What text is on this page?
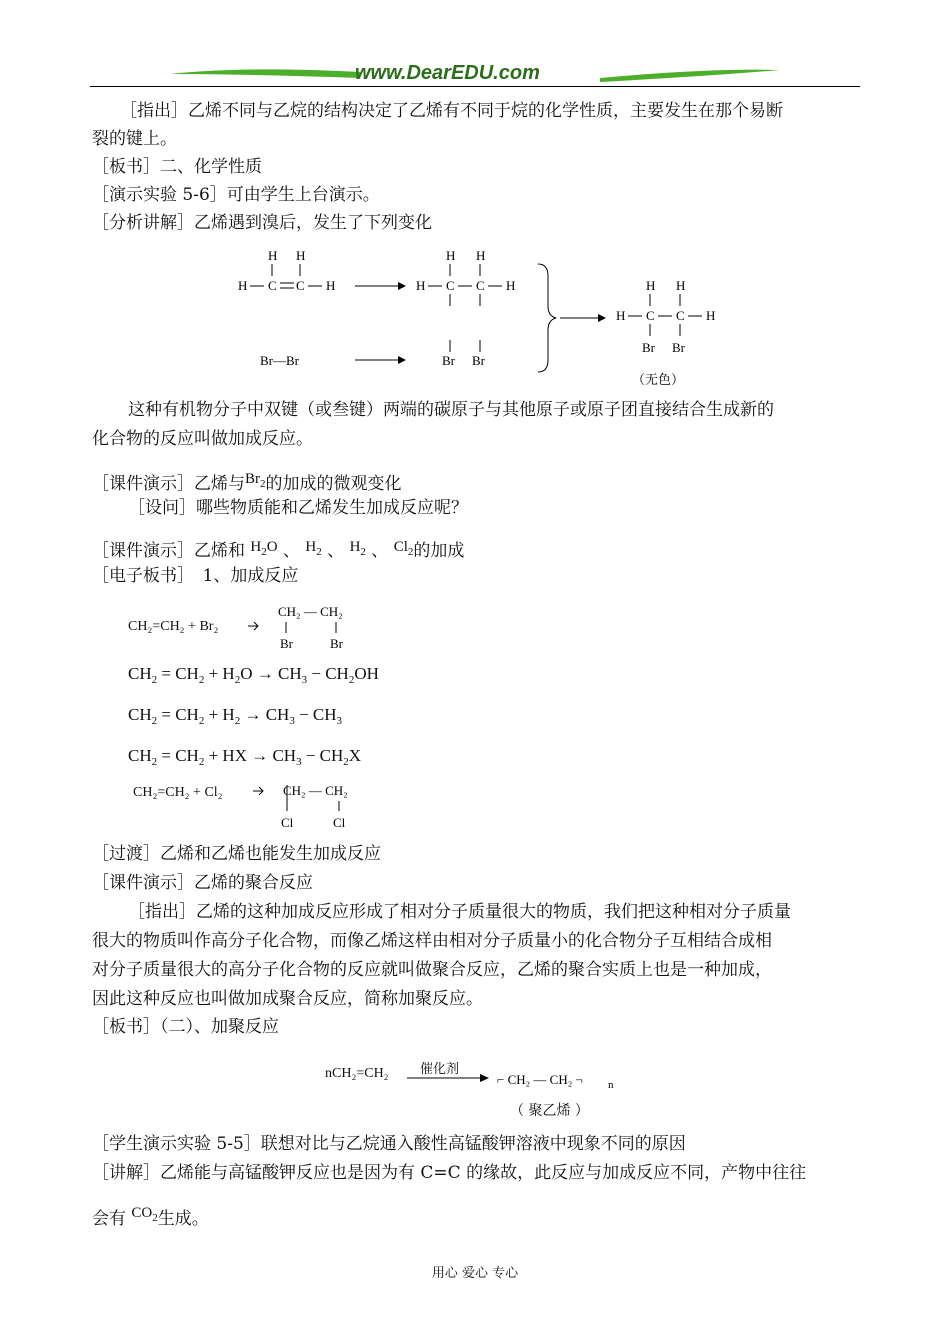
www.DearEDU.com
［指出］乙烯不同与乙烷的结构决定了乙烯有不同于烷的化学性质，主要发生在那个易断
裂的键上。
［板书］二、化学性质
［演示实验 5-6］可由学生上台演示。
［分析讲解］乙烯遇到溴后，发生了下列变化
H H
H C C H
H H
H C C H
Br—Br	Br Br
H H
H C C H
Br Br
（无色）
这种有机物分子中双键（或叁键）两端的碳原子与其他原子或原子团直接结合生成新的
化合物的反应叫做加成反应。
［课件演示］乙烯与$Br_2$的加成的微观变化
［设问］哪些物质能和乙烯发生加成反应呢？
［课件演示］乙烯和 $H_2O$ 、 $H_2$ 、 $H_2$ 、 $Cl_2$的加成
［电子板书］　1、加成反应
CH₂=CH₂ + Br₂
CH₂ — CH₂
Br	Br
$CH_2 = CH_2 + H_2O \to CH_3 - CH_2OH$
$CH_2 = CH_2 + H_2 \to CH_3 - CH_3$
$CH_2 = CH_2$ + HX → $CH_3 - CH_2X$
CH₂=CH₂ + Cl₂	CH₂ — CH₂
Cl	Cl
［过渡］乙烯和乙烯也能发生加成反应
［课件演示］乙烯的聚合反应
［指出］乙烯的这种加成反应形成了相对分子质量很大的物质，我们把这种相对分子质量
很大的物质叫作高分子化合物，而像乙烯这样由相对分子质量小的化合物分子互相结合成相
对分子质量很大的高分子化合物的反应就叫做聚合反应，乙烯的聚合实质上也是一种加成，
因此这种反应也叫做加成聚合反应，简称加聚反应。
［板书］（二）、加聚反应
nCH₂=CH₂ 催化剂
⌐ CH₂ — CH₂ ¬ n
（ 聚乙烯 ）
［学生演示实验 5-5］联想对比与乙烷通入酸性高锰酸钾溶液中现象不同的原因
［讲解］乙烯能与高锰酸钾反应也是因为有 C=C 的缘故，此反应与加成反应不同，产物中往往
会有 $CO_2$生成。
用心 爱心 专心
